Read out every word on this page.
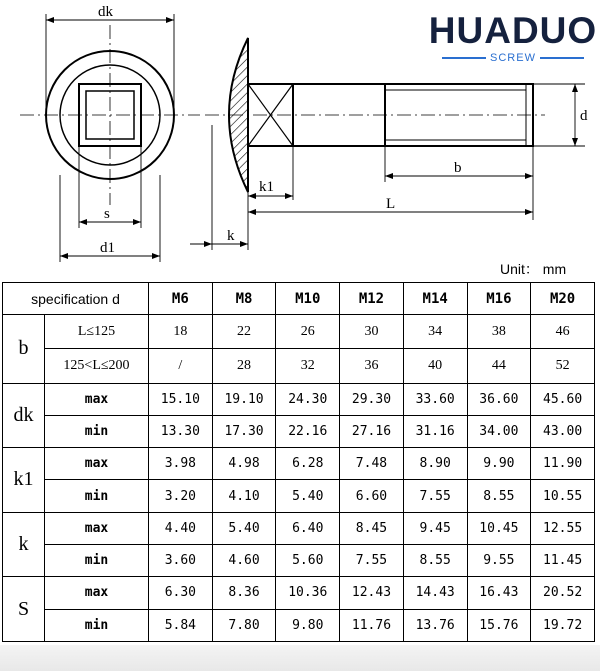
dk
s
d1
d
b
k1
L
k
HUADUO
SCREW
Unit： mm
specification d		M6	M8	M10	M12	M14	M16	M20
b	L≤125	18	22	26	30	34	38	46
	125<L≤200	/	28	32	36	40	44	52
dk	max	15.10	19.10	24.30	29.30	33.60	36.60	45.60
	min	13.30	17.30	22.16	27.16	31.16	34.00	43.00
k1	max	3.98	4.98	6.28	7.48	8.90	9.90	11.90
	min	3.20	4.10	5.40	6.60	7.55	8.55	10.55
k	max	4.40	5.40	6.40	8.45	9.45	10.45	12.55
	min	3.60	4.60	5.60	7.55	8.55	9.55	11.45
S	max	6.30	8.36	10.36	12.43	14.43	16.43	20.52
	min	5.84	7.80	9.80	11.76	13.76	15.76	19.72
